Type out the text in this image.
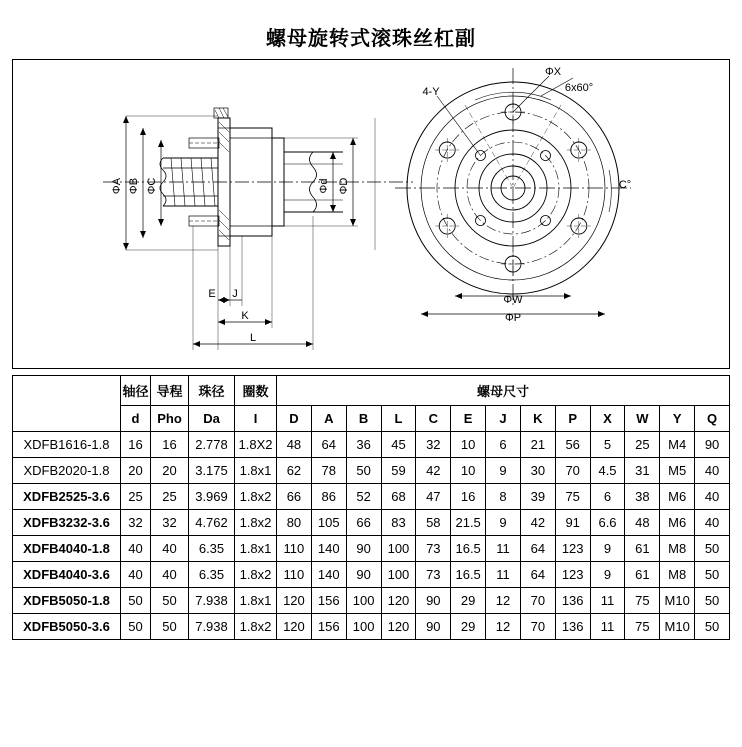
螺母旋转式滚珠丝杠副
ΦA ΦB ΦC	Φd ΦD
E J
K
L
ΦX
6x60°
4-Y
C°
ΦW
ΦP
	轴径	导程	珠径	圈数	螺母尺寸												
	d	Pho	Da	I	D	A	B	L	C	E	J	K	P	X	W	Y	Q
XDFB1616-1.8	16	16	2.778	1.8X2	48	64	36	45	32	10	6	21	56	5	25	M4	90
XDFB2020-1.8	20	20	3.175	1.8x1	62	78	50	59	42	10	9	30	70	4.5	31	M5	40
XDFB2525-3.6	25	25	3.969	1.8x2	66	86	52	68	47	16	8	39	75	6	38	M6	40
XDFB3232-3.6	32	32	4.762	1.8x2	80	105	66	83	58	21.5	9	42	91	6.6	48	M6	40
XDFB4040-1.8	40	40	6.35	1.8x1	110	140	90	100	73	16.5	11	64	123	9	61	M8	50
XDFB4040-3.6	40	40	6.35	1.8x2	110	140	90	100	73	16.5	11	64	123	9	61	M8	50
XDFB5050-1.8	50	50	7.938	1.8x1	120	156	100	120	90	29	12	70	136	11	75	M10	50
XDFB5050-3.6	50	50	7.938	1.8x2	120	156	100	120	90	29	12	70	136	11	75	M10	50
